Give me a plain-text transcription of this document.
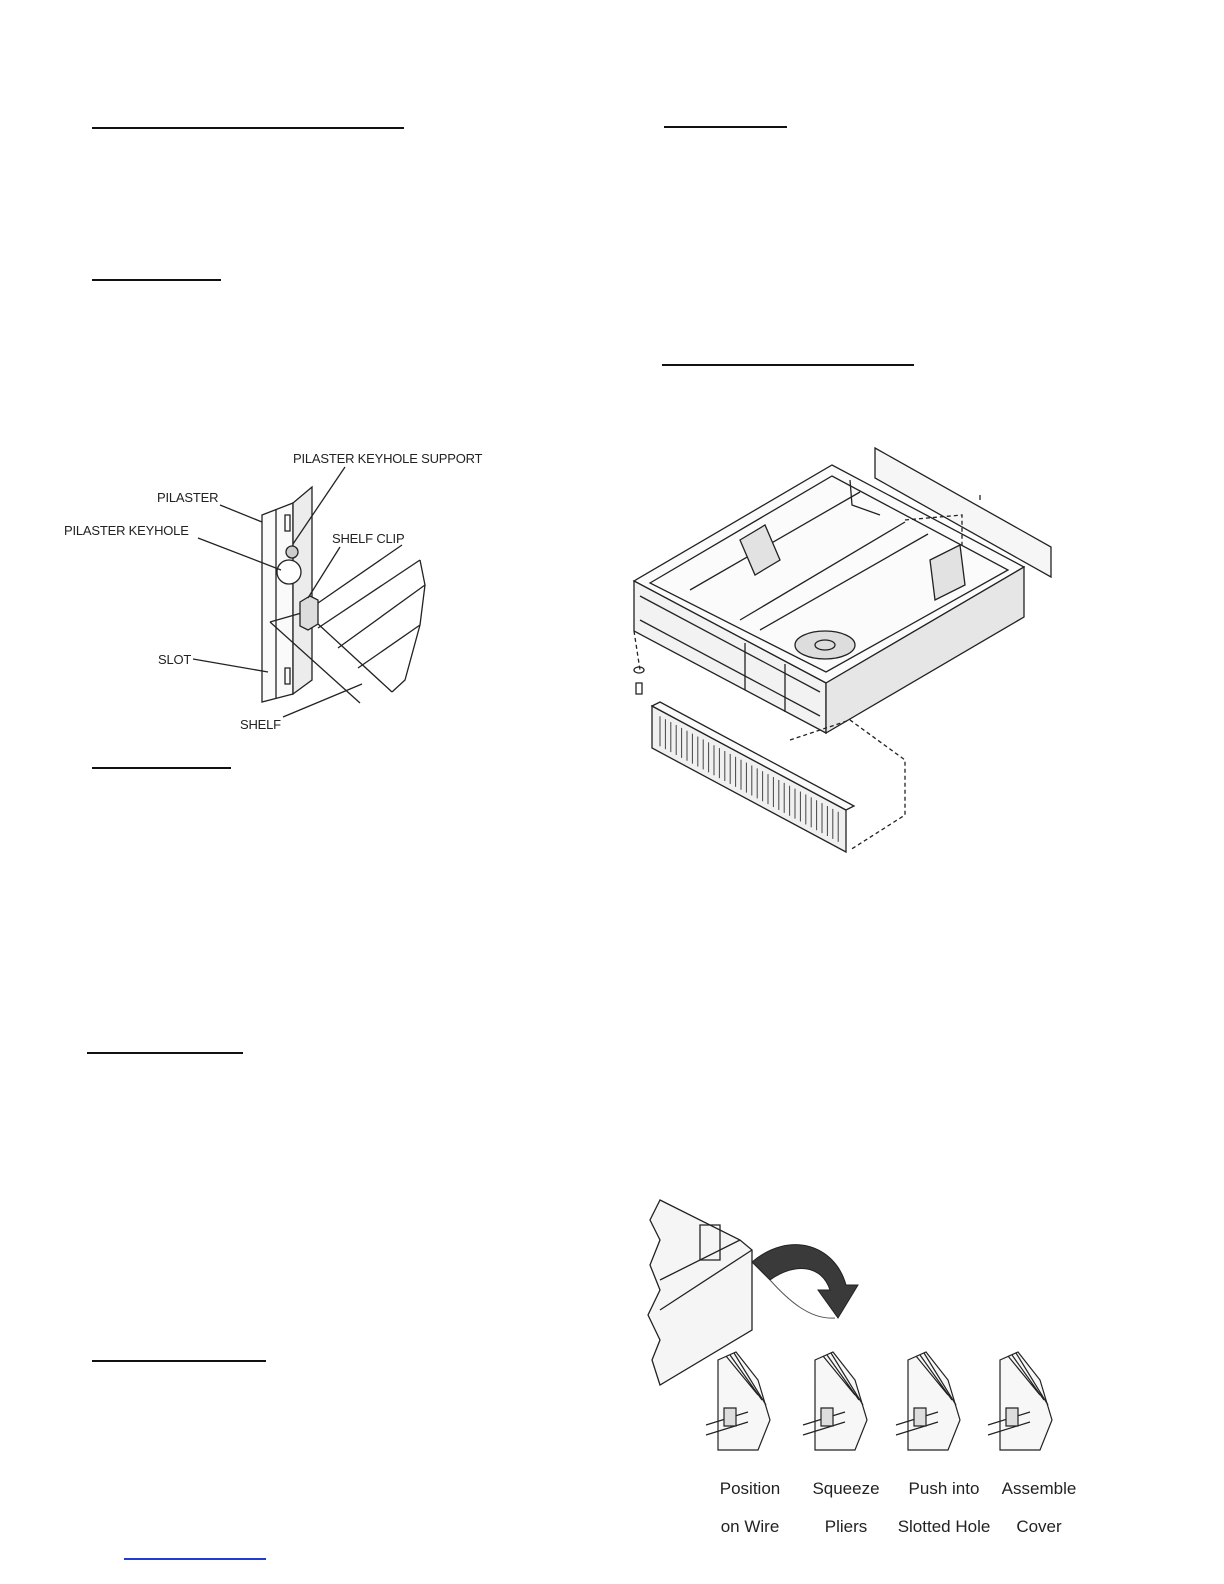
PILASTER KEYHOLE SUPPORT
PILASTER
PILASTER KEYHOLE
SHELF CLIP
SLOT
SHELF

Position

on Wire

Squeeze

Pliers

Push into

Slotted Hole

Assemble

Cover
